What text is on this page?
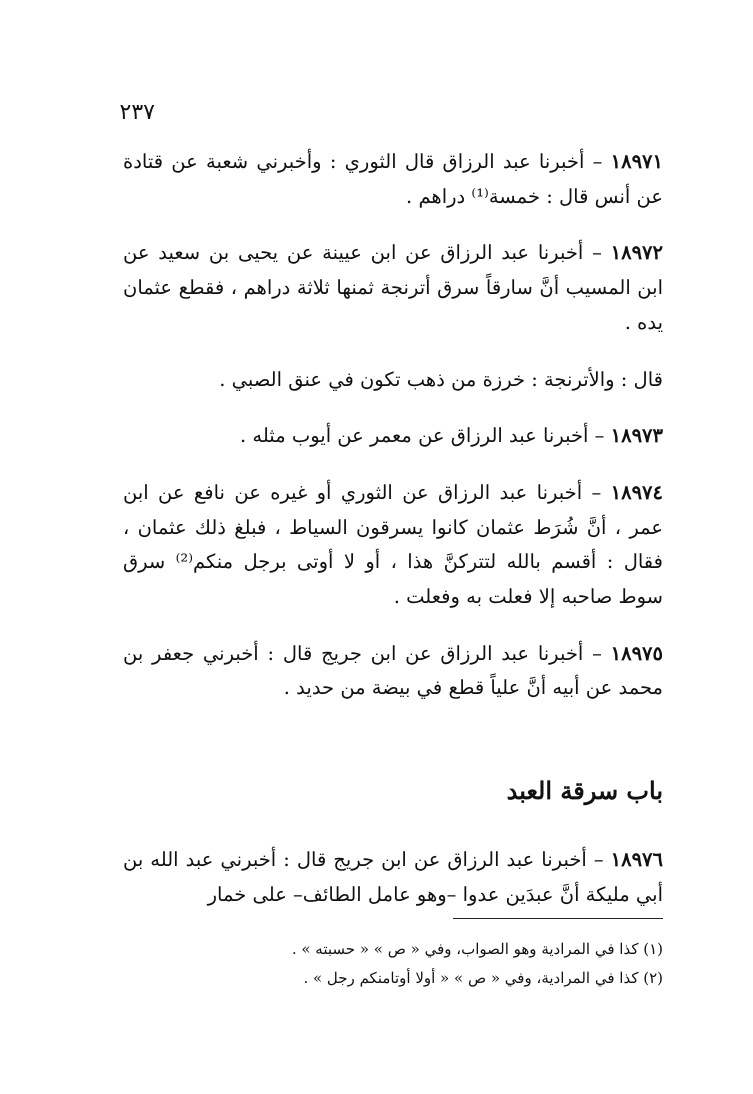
٢٣٧

١٨٩٧١ – أخبرنا عبد الرزاق قال الثوري : وأخبرني شعبة عن قتادة عن أنس قال : خمسة⁽¹⁾ دراهم .

١٨٩٧٢ – أخبرنا عبد الرزاق عن ابن عيينة عن يحيى بن سعيد عن ابن المسيب أنَّ سارقاً سرق أترنجة ثمنها ثلاثة دراهم ، فقطع عثمان يده .

قال : والأترنجة : خرزة من ذهب تكون في عنق الصبي .

١٨٩٧٣ – أخبرنا عبد الرزاق عن معمر عن أيوب مثله .

١٨٩٧٤ – أخبرنا عبد الرزاق عن الثوري أو غيره عن نافع عن ابن عمر ، أنَّ شُرَط عثمان كانوا يسرقون السياط ، فبلغ ذلك عثمان ، فقال : أقسم بالله لتتركنَّ هذا ، أو لا أوتى برجل منكم⁽²⁾ سرق سوط صاحبه إلا فعلت به وفعلت .

١٨٩٧٥ – أخبرنا عبد الرزاق عن ابن جريج قال : أخبرني جعفر بن محمد عن أبيه أنَّ علياً قطع في بيضة من حديد .

باب سرقة العبد

١٨٩٧٦ – أخبرنا عبد الرزاق عن ابن جريج قال : أخبرني عبد الله بن أبي مليكة أنَّ عبدَين عدوا –وهو عامل الطائف– على خمار

(١) كذا في المرادية وهو الصواب، وفي « ص » « حسبته » .

(٢) كذا في المرادية، وفي « ص » « أولا أوتامنكم رجل » .
